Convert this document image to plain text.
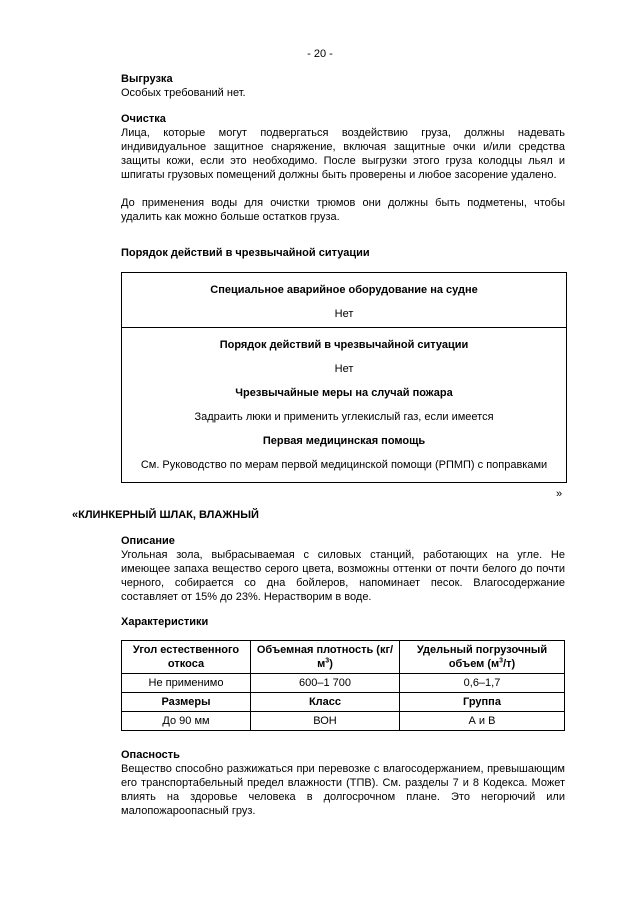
- 20 -

Выгрузка

Особых требований нет.

Очистка

Лица, которые могут подвергаться воздействию груза, должны надевать индивидуальное защитное снаряжение, включая защитные очки и/или средства защиты кожи, если это необходимо. После выгрузки этого груза колодцы льял и шпигаты грузовых помещений должны быть проверены и любое засорение удалено.

До применения воды для очистки трюмов они должны быть подметены, чтобы удалить как можно больше остатков груза.

Порядок действий в чрезвычайной ситуации

Специальное аварийное оборудование на судне

Нет

Порядок действий в чрезвычайной ситуации

Нет

Чрезвычайные меры на случай пожара

Задраить люки и применить углекислый газ, если имеется

Первая медицинская помощь

См. Руководство по мерам первой медицинской помощи (РПМП) с поправками

»
«КЛИНКЕРНЫЙ ШЛАК, ВЛАЖНЫЙ

Описание

Угольная зола, выбрасываемая с силовых станций, работающих на угле. Не имеющее запаха вещество серого цвета, возможны оттенки от почти белого до почти черного, собирается со дна бойлеров, напоминает песок. Влагосодержание составляет от 15% до 23%. Нерастворим в воде.

Характеристики

Угол естественного откоса	Объемная плотность $(кг/м^3)$	Удельный погрузочный объем $(м^3/т)$
Не применимо	600–1 700	0,6–1,7
Размеры	Класс	Группа
До 90 мм	ВОН	А и В

Опасность

Вещество способно разжижаться при перевозке с влагосодержанием, превышающим его транспортабельный предел влажности (ТПВ). См. разделы 7 и 8 Кодекса. Может влиять на здоровье человека в долгосрочном плане. Это негорючий или малопожароопасный груз.
